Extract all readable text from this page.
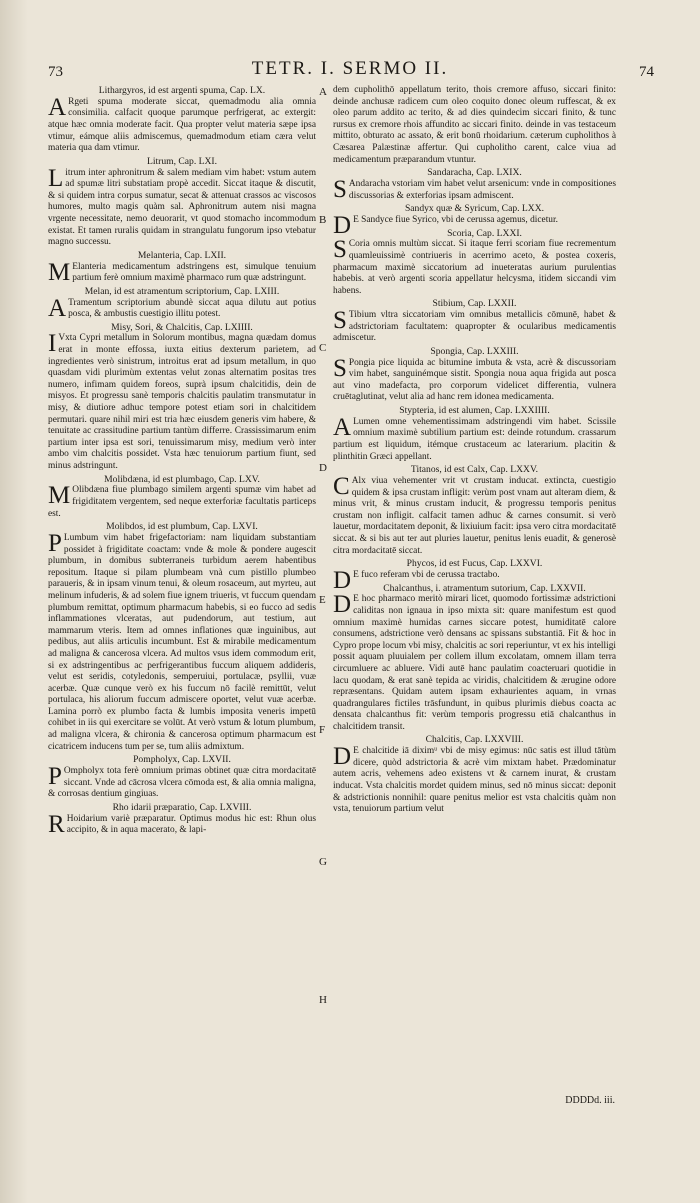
73	TETR. I. SERMO II.	74

Lithargyros, id est argenti spuma, Cap. LX.

ARgeti spuma moderate siccat, quemadmodu alia omnia consimilia. calfacit quoque parumque perfrigerat, ac extergit: atque hæc omnia moderate facit. Qua propter velut materia sæpe ipsa vtimur, eámque aliis admiscemus, quemadmodum etiam cæra velut materia qua dam vtimur.

Litrum, Cap. LXI.

Litrum inter aphronitrum & salem mediam vim habet: vstum autem ad spumæ litri substatiam propè accedit. Siccat itaque & discutit, & si quidem intra corpus sumatur, secat & attenuat crassos ac viscosos humores, multo magis quàm sal. Aphronitrum autem nisi magna vrgente necessitate, nemo deuorarit, vt quod stomacho incommodum existat. Et tamen ruralis quidam in strangulatu fungorum ipso vtebatur magno successu.

Melanteria, Cap. LXII.

MElanteria medicamentum adstringens est, simulque tenuium partium ferè omnium maximè pharmaco rum quæ adstringunt.

Melan, id est atramentum scriptorium, Cap. LXIII.

ATramentum scriptorium abundè siccat aqua dilutu aut potius posca, & ambustis cuestigio illitu potest.

Misy, Sori, & Chalcitis, Cap. LXIIII.

IVxta Cypri metallum in Solorum montibus, magna quædam domus erat in monte effossa, iuxta eitius dexterum parietem, ad ingredientes verò sinistrum, introitus erat ad ipsum metallum, in quo quasdam vidi plurimùm extentas velut zonas alternatim positas tres numero, infimam quidem foreos, suprà ipsum chalcitidis, dein de misyos. Et progressu sanè temporis chalcitis paulatim transmutatur in misy, & diutiore adhuc tempore potest etiam sori in chalcitidem permutari. quare nihil miri est tria hæc eiusdem generis vim habere, & tenuitate ac crassitudine partium tantùm differre. Crassissimarum enim partium inter ipsa est sori, tenuissimarum misy, medium verò inter ambo vim chalcitis possidet. Vsta hæc tenuiorum partium fiunt, sed minus adstringunt.

Molibdæna, id est plumbago, Cap. LXV.

MOlibdæna fiue plumbago similem argenti spumæ vim habet ad frigiditatem vergentem, sed neque exterforiæ facultatis particeps est.

Molibdos, id est plumbum, Cap. LXVI.

PLumbum vim habet frigefactoriam: nam liquidam substantiam possidet à frigiditate coactam: vnde & mole & pondere augescit plumbum, in domibus subterraneis turbidum aerem habentibus repositum. Itaque si pilam plumbeam vnà cum pistillo plumbeo paraueris, & in ipsam vinum tenui, & oleum rosaceum, aut myrteu, aut melinum infuderis, & ad solem fiue ignem triueris, vt fuccum quendam plumbum remittat, optimum pharmacum habebis, si eo fucco ad sedis inflammationes vlceratas, aut pudendorum, aut testium, aut mammarum vteris. Item ad omnes inflationes quæ inguinibus, aut pedibus, aut aliis articulis incumbunt. Est & mirabile medicamentum ad maligna & cancerosa vlcera. Ad multos vsus idem commodum erit, si ex adstringentibus ac perfrigerantibus fuccum aliquem addideris, velut est seridis, cotyledonis, semperuiui, portulacæ, psyllii, vuæ acerbæ. Quæ cunque verò ex his fuccum nō facilè remittūt, velut portulaca, his aliorum fuccum admiscere oportet, velut vuæ acerbæ. Lamina porrò ex plumbo facta & lumbis imposita veneris impetū cohibet in iis qui exercitare se volūt. At verò vstum & lotum plumbum, ad maligna vlcera, & chironia & cancerosa optimum pharmacum est cicatricem inducens tum per se, tum aliis admixtum.

Pompholyx, Cap. LXVII.

POmpholyx tota ferè omnium primas obtinet quæ citra mordacitatē siccant. Vnde ad cācrosa vlcera cōmoda est, & alia omnia maligna, & corrosas dentium gingiuas.

Rho idarii præparatio, Cap. LXVIII.

RHoidarium variè præparatur. Optimus modus hic est: Rhun olus accipito, & in aqua macerato, & lapi-

A
B
C
D
E
F
G
H

dem cupholithō appellatum terito, thois cremore affuso, siccari finito: deinde anchusæ radicem cum oleo coquito donec oleum ruffescat, & ex oleo parum addito ac terito, & ad dies quindecim siccari finito, & tunc rursus ex cremore rhois affundito ac siccari finito. deinde in vas testaceum mittito, obturato ac assato, & erit bonū rhoidarium. cæterum cupholithos à Cæsarea Palæstinæ affertur. Qui cupholitho carent, calce viua ad medicamentum præparandum vtuntur.

Sandaracha, Cap. LXIX.

SAndaracha vstoriam vim habet velut arsenicum: vnde in compositiones discussorias & exterforias ipsam admiscent.

Sandyx quæ & Syricum, Cap. LXX.

DE Sandyce fiue Syrico, vbi de cerussa agemus, dicetur.

Scoria, Cap. LXXI.

SCoria omnis multùm siccat. Si itaque ferri scoriam fiue recrementum quamleuissimè contriueris in acerrimo aceto, & postea coxeris, pharmacum maximè siccatorium ad inueteratas aurium purulentias habebis. at verò argenti scoria appellatur helcysma, itidem siccandi vim habens.

Stibium, Cap. LXXII.

STibium vltra siccatoriam vim omnibus metallicis cōmunē, habet & adstrictoriam facultatem: quapropter & ocularibus medicamentis admiscetur.

Spongia, Cap. LXXIII.

SPongia pice liquida ac bitumine imbuta & vsta, acrè & discussoriam vim habet, sanguinémque sistit. Spongia noua aqua frigida aut posca aut vino madefacta, pro corporum videlicet differentia, vulnera cruētaglutinat, velut alia ad hanc rem idonea medicamenta.

Stypteria, id est alumen, Cap. LXXIIII.

ALumen omne vehementissimam adstringendi vim habet. Scissile omnium maximè subtilium partium est: deinde rotundum. crassarum partium est liquidum, itémque crustaceum ac laterarium. placitin & plinthitin Græci appellant.

Titanos, id est Calx, Cap. LXXV.

CAlx viua vehementer vrit vt crustam inducat. extincta, cuestigio quidem & ipsa crustam infligit: verùm post vnam aut alteram diem, & minus vrit, & minus crustam inducit, & progressu temporis penitus crustam non infligit. calfacit tamen adhuc & carnes consumit. si verò lauetur, mordacitatem deponit, & lixiuium facit: ipsa vero citra mordacitatē siccat. & si bis aut ter aut pluries lauetur, penitus lenis euadit, & generosè citra mordacitatē siccat.

Phycos, id est Fucus, Cap. LXXVI.

DE fuco referam vbi de cerussa tractabo.

Chalcanthus, i. atramentum sutorium, Cap. LXXVII.

DE hoc pharmaco meritò mirari licet, quomodo fortissimæ adstrictioni caliditas non ignaua in ipso mixta sit: quare manifestum est quod omnium maximè humidas carnes siccare potest, humiditatē calore consumens, adstrictione verò densans ac spissans substantiā. Fit & hoc in Cypro prope locum vbi misy, chalcitis ac sori reperiuntur, vt ex his intelligi possit aquam pluuialem per collem illum excolatam, omnem illam terra circumluere ac abluere. Vidi autē hanc paulatim coacteruari quotidie in lacu quodam, & erat sanè tepida ac viridis, chalcitidem & ærugine odore repræsentans. Quidam autem ipsam exhaurientes aquam, in vrnas quadrangulares fictiles trāsfundunt, in quibus plurimis diebus coacta ac densata chalcanthus fit: verùm temporis progressu etiā chalcanthus in chalcitidem transit.

Chalcitis, Cap. LXXVIII.

DE chalcitide iā diximᵘ vbi de misy egimus: nūc satis est illud tātùm dicere, quòd adstrictoria & acrè vim mixtam habet. Prædominatur autem acris, vehemens adeo existens vt & carnem inurat, & crustam inducat. Vsta chalcitis mordet quidem minus, sed nō minus siccat: deponit & adstrictionis nonnihil: quare penitus melior est vsta chalcitis quàm non vsta, tenuiorum partium velut

DDDDd. iii.
